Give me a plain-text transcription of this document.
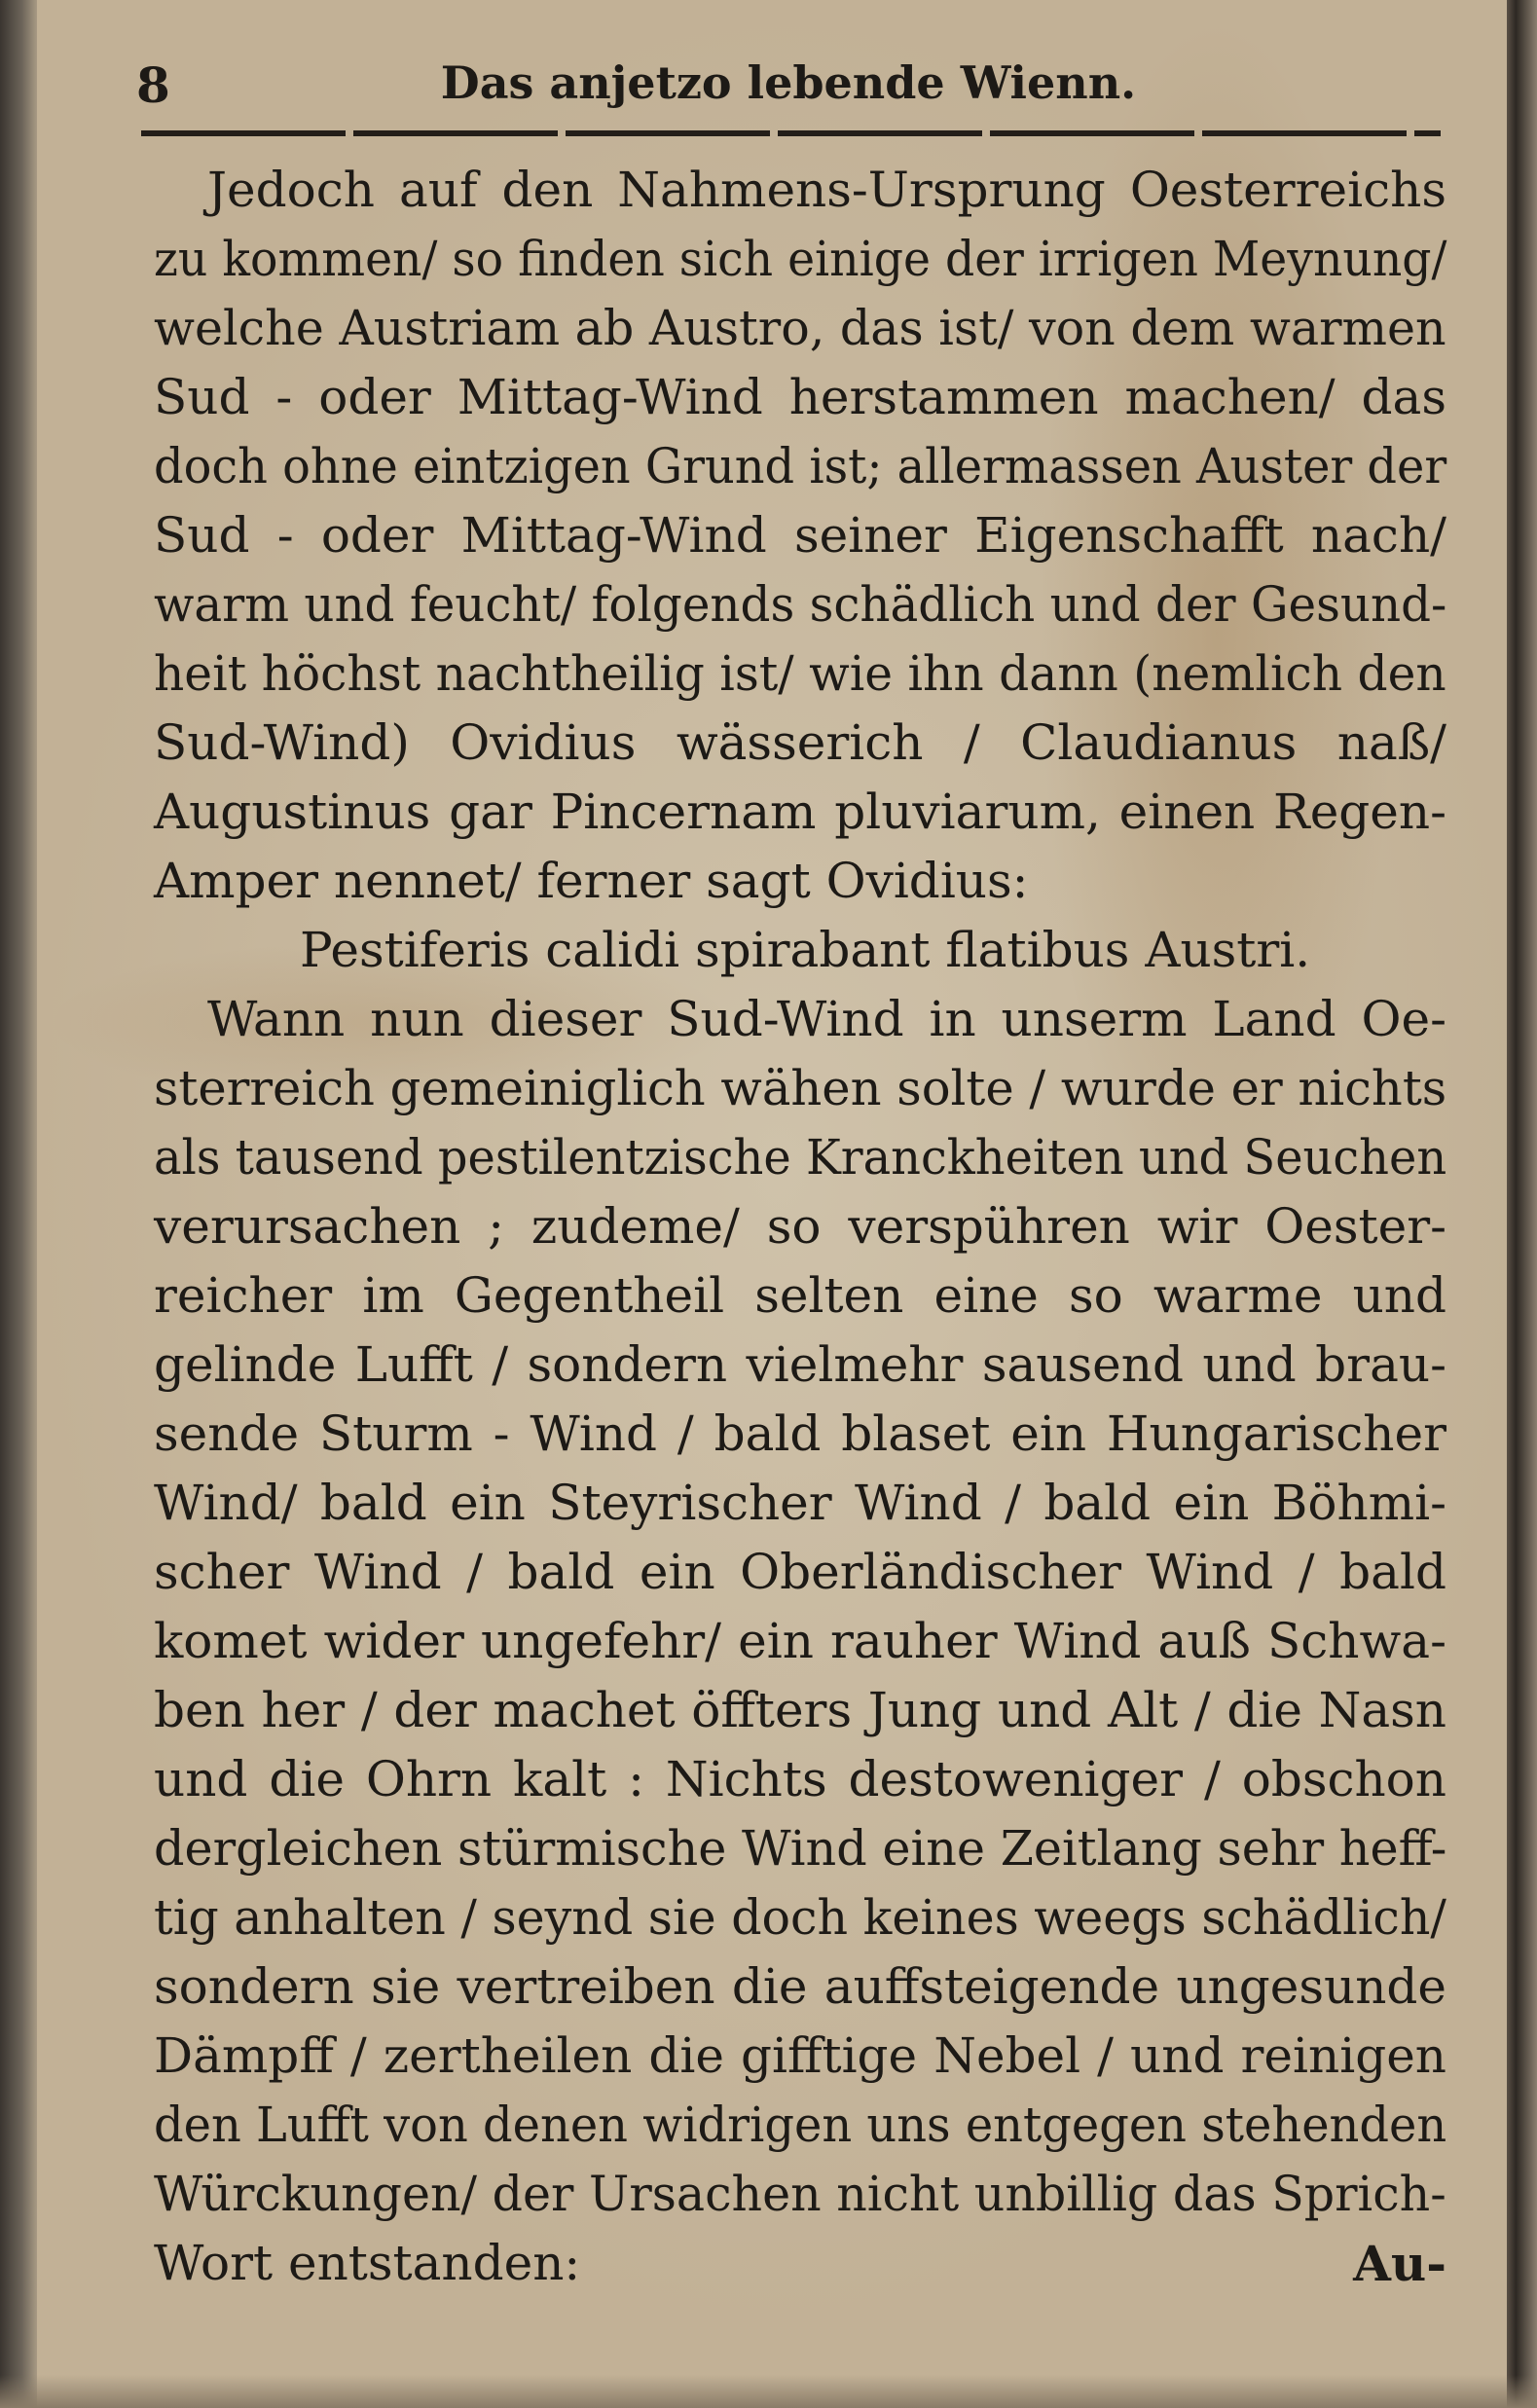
8	Das anjetzo lebende Wienn.
Jedoch auf den Nahmens-Ursprung Oesterreichs
zu kommen/ so finden sich einige der irrigen Meynung/
welche Austriam ab Austro, das ist/ von dem warmen
Sud - oder Mittag-Wind herstammen machen/ das
doch ohne eintzigen Grund ist; allermassen Auster der
Sud - oder Mittag-Wind seiner Eigenschafft nach/
warm und feucht/ folgends schädlich und der Gesund-
heit höchst nachtheilig ist/ wie ihn dann (nemlich den
Sud-Wind) Ovidius wässerich / Claudianus naß/
Augustinus gar Pincernam pluviarum, einen Regen-
Amper nennet/ ferner sagt Ovidius:
Pestiferis calidi spirabant flatibus Austri.
Wann nun dieser Sud-Wind in unserm Land Oe-
sterreich gemeiniglich wähen solte / wurde er nichts
als tausend pestilentzische Kranckheiten und Seuchen
verursachen ; zudeme/ so verspühren wir Oester-
reicher im Gegentheil selten eine so warme und
gelinde Lufft / sondern vielmehr sausend und brau-
sende Sturm - Wind / bald blaset ein Hungarischer
Wind/ bald ein Steyrischer Wind / bald ein Böhmi-
scher Wind / bald ein Oberländischer Wind / bald
komet wider ungefehr/ ein rauher Wind auß Schwa-
ben her / der machet öffters Jung und Alt / die Nasn
und die Ohrn kalt : Nichts destoweniger / obschon
dergleichen stürmische Wind eine Zeitlang sehr heff-
tig anhalten / seynd sie doch keines weegs schädlich/
sondern sie vertreiben die auffsteigende ungesunde
Dämpff / zertheilen die gifftige Nebel / und reinigen
den Lufft von denen widrigen uns entgegen stehenden
Würckungen/ der Ursachen nicht unbillig das Sprich-
Wort entstanden:	Au-
